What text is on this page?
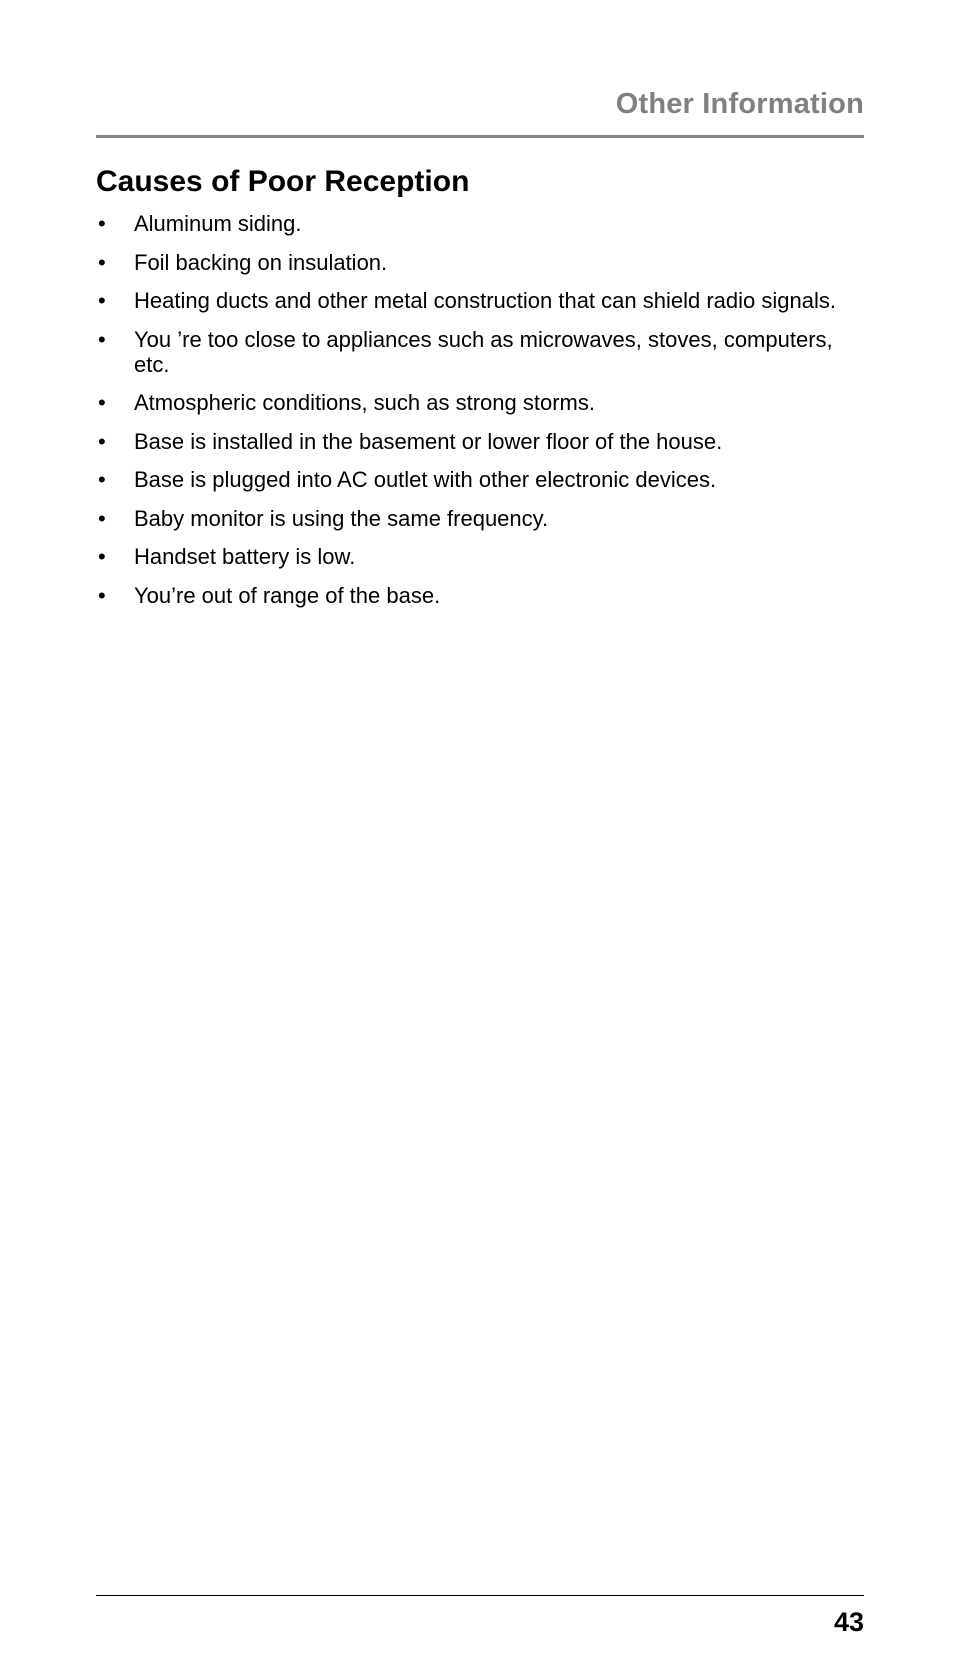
Other Information
Causes of Poor Reception
• Aluminum siding.
• Foil backing on insulation.
• Heating ducts and other metal construction that can shield radio signals.
• You ’re too close to appliances such as microwaves, stoves, computers, etc.
• Atmospheric conditions, such as strong storms.
• Base is installed in the basement or lower floor of the house.
• Base is plugged into AC outlet with other electronic devices.
• Baby monitor is using the same frequency.
• Handset battery is low.
• You’re out of range of the base.
43
